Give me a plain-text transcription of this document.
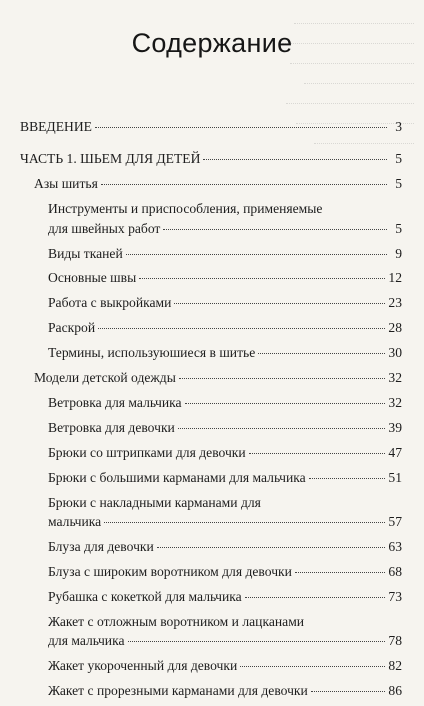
Содержание
ВВЕДЕНИЕ	3
ЧАСТЬ 1. ШЬЕМ ДЛЯ ДЕТЕЙ	5
Азы шитья	5
Инструменты и приспособления, применяемые
для швейных работ	5
Виды тканей	9
Основные швы	12
Работа с выкройками	23
Раскрой	28
Термины, используюшиеся в шитье	30
Модели детской одежды	32
Ветровка для мальчика	32
Ветровка для девочки	39
Брюки со штрипками для девочки	47
Брюки с большими карманами для мальчика	51
Брюки с накладными карманами для
мальчика	57
Блуза для девочки	63
Блуза с широким воротником для девочки	68
Рубашка с кокеткой для мальчика	73
Жакет с отложным воротником и лацканами
для мальчика	78
Жакет укороченный для девочки	82
Жакет с прорезными карманами для девочки	86
